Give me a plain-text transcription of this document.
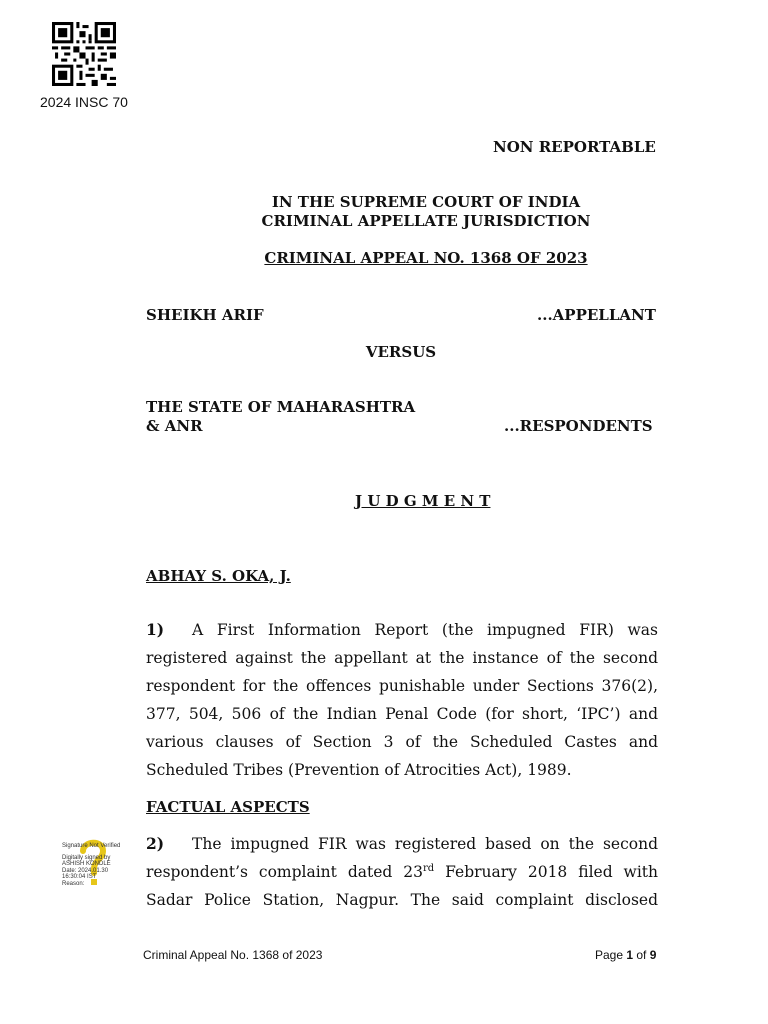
2024 INSC 70
NON REPORTABLE
IN THE SUPREME COURT OF INDIA
CRIMINAL APPELLATE JURISDICTION
CRIMINAL APPEAL NO. 1368 OF 2023
SHEIKH ARIF	...APPELLANT
VERSUS
THE STATE OF MAHARASHTRA
& ANR	...RESPONDENTS
J U D G M E N T
ABHAY S. OKA, J.
1) A First Information Report (the impugned FIR) was
registered against the appellant at the instance of the second
respondent for the offences punishable under Sections 376(2),
377, 504, 506 of the Indian Penal Code (for short, ‘IPC’) and
various clauses of Section 3 of the Scheduled Castes and
Scheduled Tribes (Prevention of Atrocities Act), 1989.
FACTUAL ASPECTS
2) The impugned FIR was registered based on the second
respondent’s complaint dated 23rd February 2018 filed with
Sadar Police Station, Nagpur. The said complaint disclosed
Signature Not Verified
Digitally signed by
ASHISH KONDLE
Date: 2024.01.30
16:30:04 IST
Reason:
Criminal Appeal No. 1368 of 2023	Page 1 of 9
